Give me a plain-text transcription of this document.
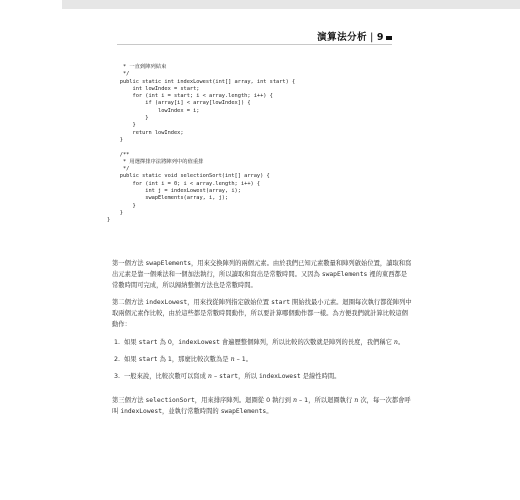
演算法分析 | 9
* 一直到陣列結束
*/
public static int indexLowest(int[] array, int start) {
int lowIndex = start;
for (int i = start; i < array.length; i++) {
if (array[i] < array[lowIndex]) {
lowIndex = i;
}
}
return lowIndex;
}

/**
* 用選擇排序法將陣列中的值重排
*/
public static void selectionSort(int[] array) {
for (int i = 0; i < array.length; i++) {
int j = indexLowest(array, i);
swapElements(array, i, j);
}
}
}

第一個方法 swapElements，用來交換陣列的兩個元素。由於我們已知元素數量和陣列啟始位置，讀取和寫出元素是靠一個乘法和一個加法執行，所以讀取和寫出是常數時間。又因為 swapElements 裡的東西都是常數時間可完成，所以歸納整個方法也是常數時間。

第二個方法 indexLowest，用來找從陣列指定啟始位置 start 開始找最小元素。迴圈每次執行都從陣列中取兩個元素作比較，由於這些都是常數時間動作，所以要計算哪個動作都一樣。為方便我們就計算比較這個動作：

1. 如果 start 為 0，indexLowest 會遍歷整個陣列，所以比較的次數就是陣列的長度，我們稱它 n。
2. 如果 start 為 1，那麼比較次數為是 n – 1。
3. 一般來說，比較次數可以寫成 n – start，所以 indexLowest 是線性時間。

第三個方法 selectionSort，用來排序陣列。迴圈從 0 執行到 n – 1，所以迴圈執行 n 次，每一次都會呼叫 indexLowest，並執行常數時間的 swapElements。
